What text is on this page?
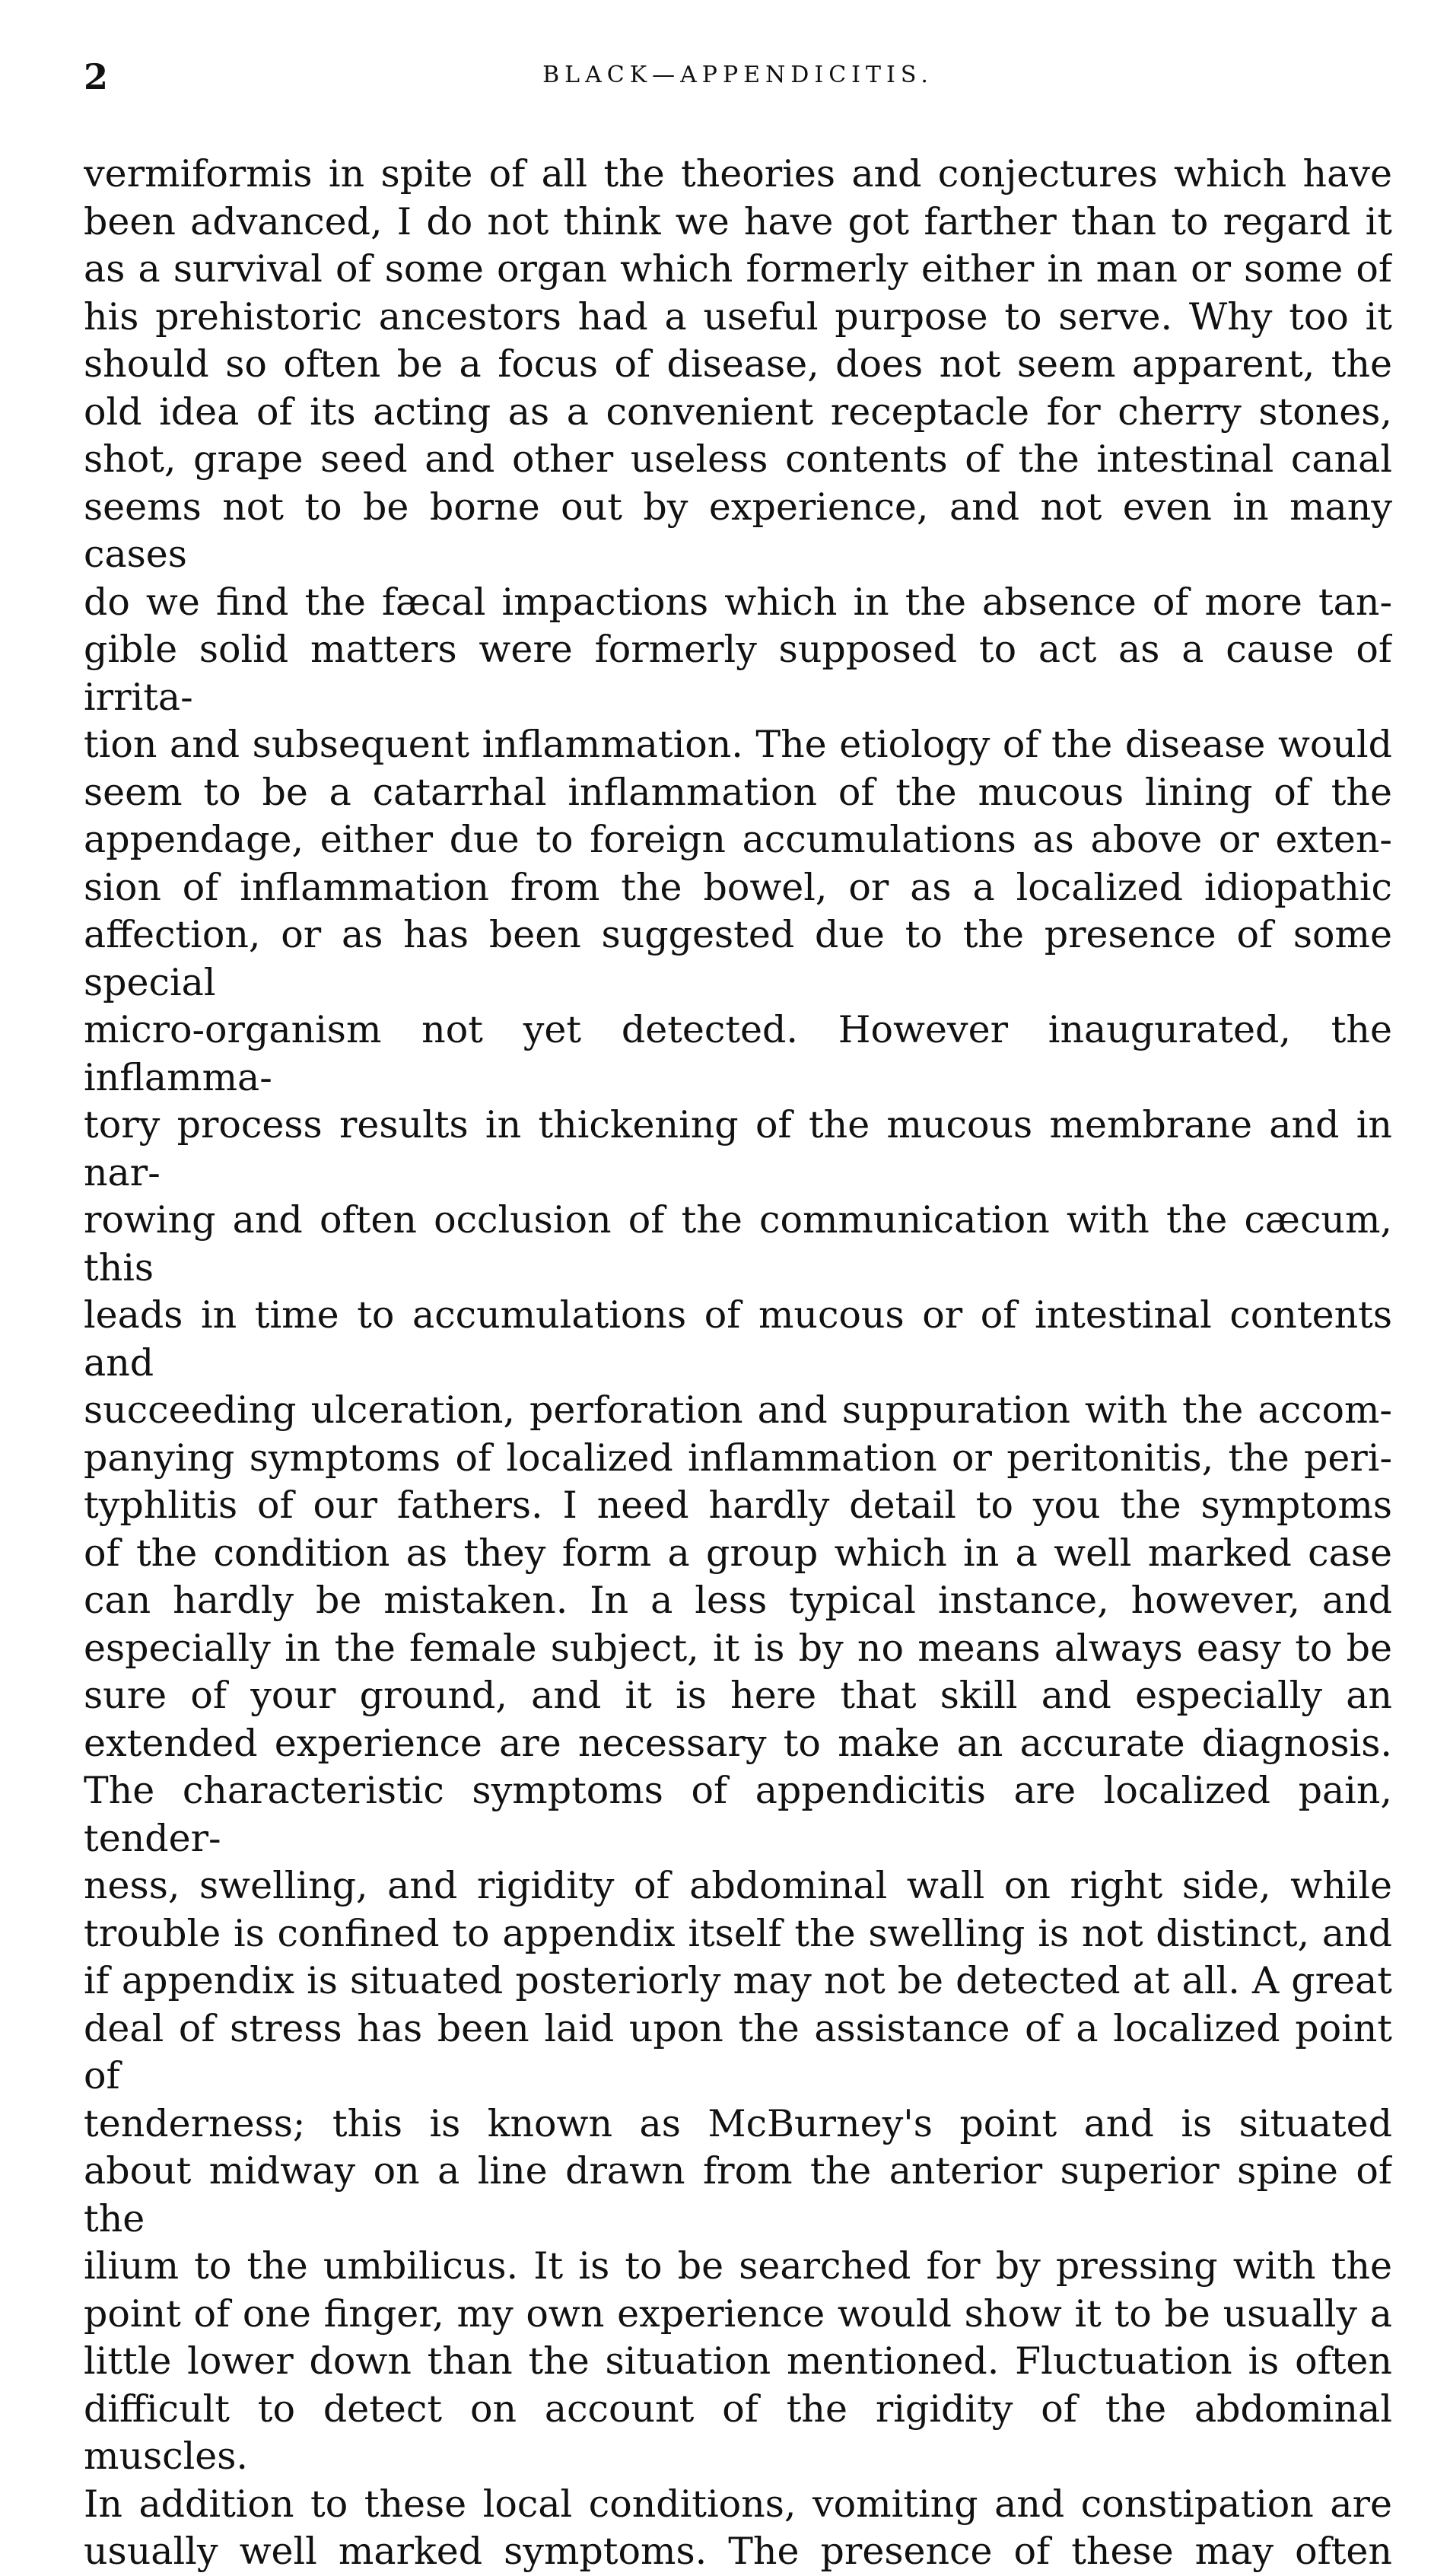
2	BLACK—APPENDICITIS.
vermiformis in spite of all the theories and conjectures which have
been advanced, I do not think we have got farther than to regard it
as a survival of some organ which formerly either in man or some of
his prehistoric ancestors had a useful purpose to serve. Why too it
should so often be a focus of disease, does not seem apparent, the
old idea of its acting as a convenient receptacle for cherry stones,
shot, grape seed and other useless contents of the intestinal canal
seems not to be borne out by experience, and not even in many cases
do we find the fæcal impactions which in the absence of more tan-
gible solid matters were formerly supposed to act as a cause of irrita-
tion and subsequent inflammation. The etiology of the disease would
seem to be a catarrhal inflammation of the mucous lining of the
appendage, either due to foreign accumulations as above or exten-
sion of inflammation from the bowel, or as a localized idiopathic
affection, or as has been suggested due to the presence of some special
micro-organism not yet detected. However inaugurated, the inflamma-
tory process results in thickening of the mucous membrane and in nar-
rowing and often occlusion of the communication with the cæcum, this
leads in time to accumulations of mucous or of intestinal contents and
succeeding ulceration, perforation and suppuration with the accom-
panying symptoms of localized inflammation or peritonitis, the peri-
typhlitis of our fathers. I need hardly detail to you the symptoms
of the condition as they form a group which in a well marked case
can hardly be mistaken. In a less typical instance, however, and
especially in the female subject, it is by no means always easy to be
sure of your ground, and it is here that skill and especially an
extended experience are necessary to make an accurate diagnosis.
The characteristic symptoms of appendicitis are localized pain, tender-
ness, swelling, and rigidity of abdominal wall on right side, while
trouble is confined to appendix itself the swelling is not distinct, and
if appendix is situated posteriorly may not be detected at all. A great
deal of stress has been laid upon the assistance of a localized point of
tenderness; this is known as McBurney's point and is situated
about midway on a line drawn from the anterior superior spine of the
ilium to the umbilicus. It is to be searched for by pressing with the
point of one finger, my own experience would show it to be usually a
little lower down than the situation mentioned. Fluctuation is often
difficult to detect on account of the rigidity of the abdominal muscles.
In addition to these local conditions, vomiting and constipation are
usually well marked symptoms. The presence of these may often
